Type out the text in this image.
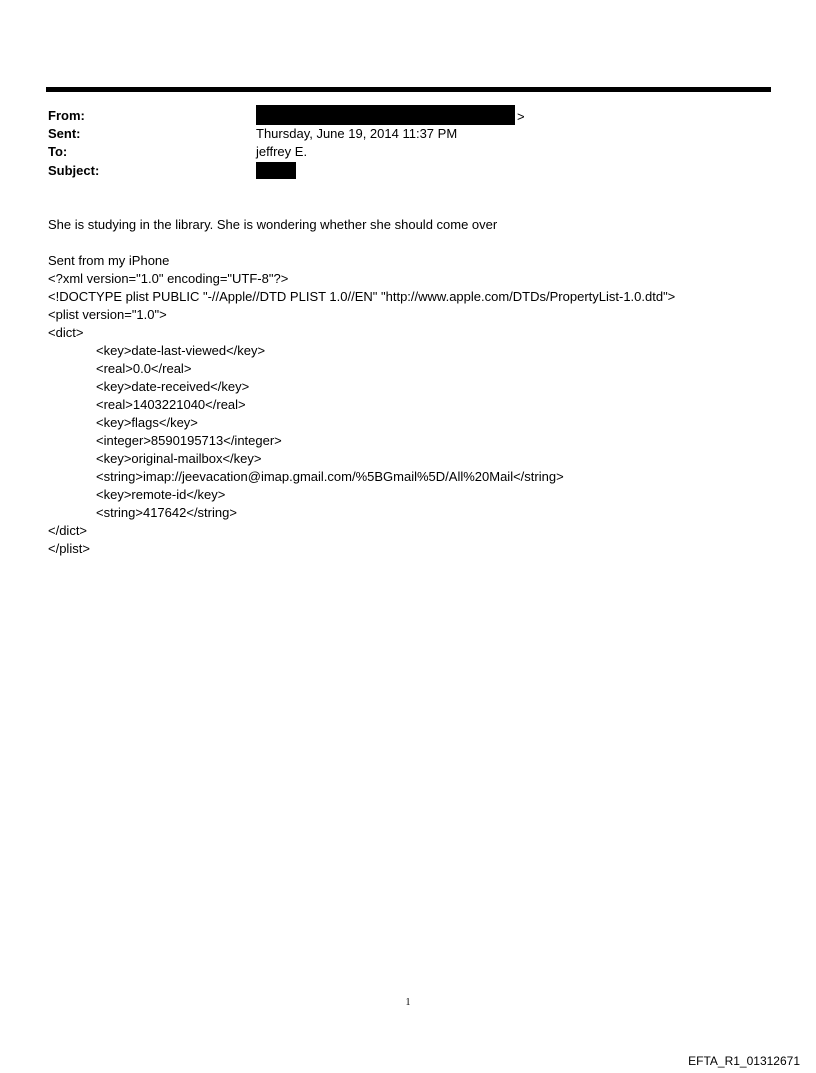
From:	>
Sent:	Thursday, June 19, 2014 11:37 PM
To:	jeffrey E.
Subject:
She is studying in the library. She is wondering whether she should come over
Sent from my iPhone
<?xml version="1.0" encoding="UTF-8"?>
<!DOCTYPE plist PUBLIC "-//Apple//DTD PLIST 1.0//EN" "http://www.apple.com/DTDs/PropertyList-1.0.dtd">
<plist version="1.0">
<dict>
<key>date-last-viewed</key>
<real>0.0</real>
<key>date-received</key>
<real>1403221040</real>
<key>flags</key>
<integer>8590195713</integer>
<key>original-mailbox</key>
<string>imap://jeevacation@imap.gmail.com/%5BGmail%5D/All%20Mail</string>
<key>remote-id</key>
<string>417642</string>
</dict>
</plist>
1
EFTA_R1_01312671
